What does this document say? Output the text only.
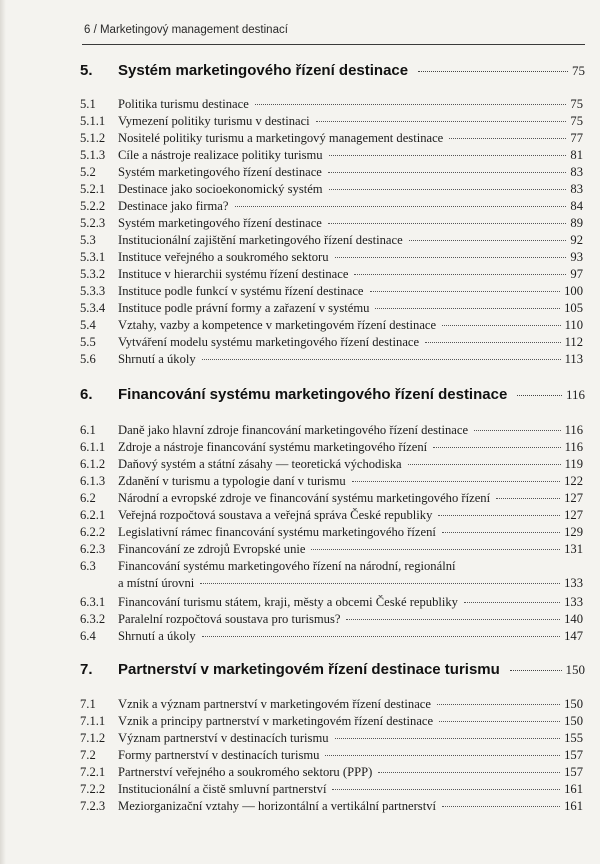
6 / Marketingový management destinací
5.	Systém marketingového řízení destinace	75
5.1	Politika turismu destinace	75
5.1.1	Vymezení politiky turismu v destinaci	75
5.1.2	Nositelé politiky turismu a marketingový management destinace	77
5.1.3	Cíle a nástroje realizace politiky turismu	81
5.2	Systém marketingového řízení destinace	83
5.2.1	Destinace jako socioekonomický systém	83
5.2.2	Destinace jako firma?	84
5.2.3	Systém marketingového řízení destinace	89
5.3	Institucionální zajištění marketingového řízení destinace	92
5.3.1	Instituce veřejného a soukromého sektoru	93
5.3.2	Instituce v hierarchii systému řízení destinace	97
5.3.3	Instituce podle funkcí v systému řízení destinace	100
5.3.4	Instituce podle právní formy a zařazení v systému	105
5.4	Vztahy, vazby a kompetence v marketingovém řízení destinace	110
5.5	Vytváření modelu systému marketingového řízení destinace	112
5.6	Shrnutí a úkoly	113
6.	Financování systému marketingového řízení destinace	116
6.1	Daně jako hlavní zdroje financování marketingového řízení destinace	116
6.1.1	Zdroje a nástroje financování systému marketingového řízení	116
6.1.2	Daňový systém a státní zásahy — teoretická východiska	119
6.1.3	Zdanění v turismu a typologie daní v turismu	122
6.2	Národní a evropské zdroje ve financování systému marketingového řízení	127
6.2.1	Veřejná rozpočtová soustava a veřejná správa České republiky	127
6.2.2	Legislativní rámec financování systému marketingového řízení	129
6.2.3	Financování ze zdrojů Evropské unie	131
6.3	Financování systému marketingového řízení na národní, regionální
a místní úrovni	133
6.3.1	Financování turismu státem, kraji, městy a obcemi České republiky	133
6.3.2	Paralelní rozpočtová soustava pro turismus?	140
6.4	Shrnutí a úkoly	147
7.	Partnerství v marketingovém řízení destinace turismu	150
7.1	Vznik a význam partnerství v marketingovém řízení destinace	150
7.1.1	Vznik a principy partnerství v marketingovém řízení destinace	150
7.1.2	Význam partnerství v destinacích turismu	155
7.2	Formy partnerství v destinacích turismu	157
7.2.1	Partnerství veřejného a soukromého sektoru (PPP)	157
7.2.2	Institucionální a čistě smluvní partnerství	161
7.2.3	Meziorganizační vztahy — horizontální a vertikální partnerství	161
